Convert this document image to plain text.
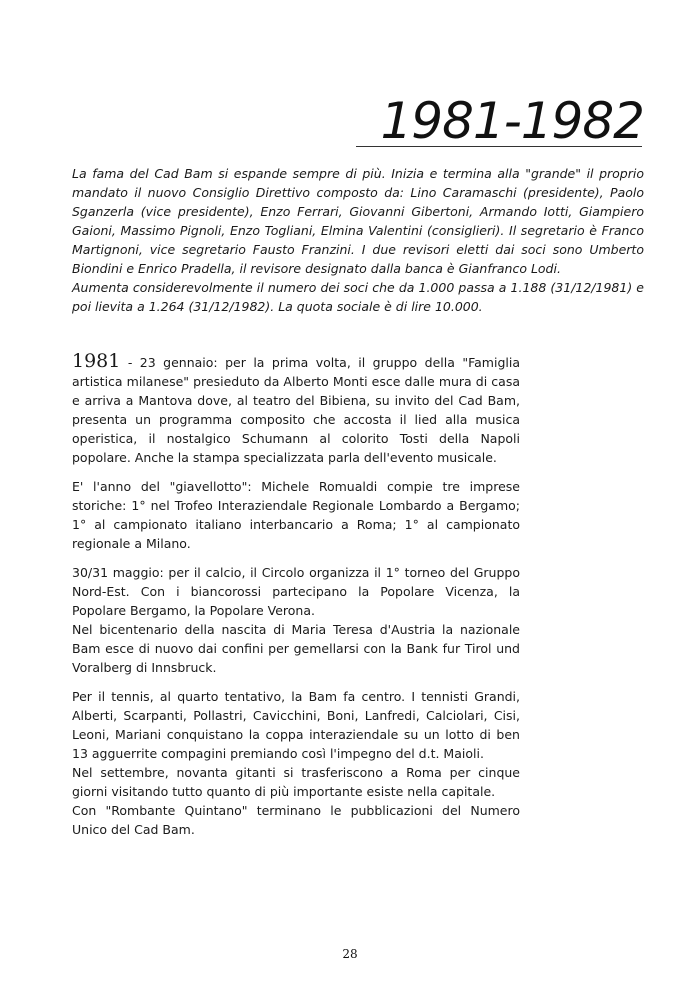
1981-1982

La fama del Cad Bam si espande sempre di più. Inizia e termina alla "grande" il proprio mandato il nuovo Consiglio Direttivo composto da: Lino Caramaschi (presidente), Paolo Sganzerla (vice presidente), Enzo Ferrari, Giovanni Gibertoni, Armando Iotti, Giampiero Gaioni, Massimo Pignoli, Enzo Togliani, Elmina Valentini (consiglieri). Il segretario è Franco Martignoni, vice segretario Fausto Franzini. I due revisori eletti dai soci sono Umberto Biondini e Enrico Pradella, il revisore designato dalla banca è Gianfranco Lodi.

Aumenta considerevolmente il numero dei soci che da 1.000 passa a 1.188 (31/12/1981) e poi lievita a 1.264 (31/12/1982). La quota sociale è di lire 10.000.

1981 - 23 gennaio: per la prima volta, il gruppo della "Famiglia artistica milanese" presieduto da Alberto Monti esce dalle mura di casa e arriva a Mantova dove, al teatro del Bibiena, su invito del Cad Bam, presenta un programma composito che accosta il lied alla musica operistica, il nostalgico Schumann al colorito Tosti della Napoli popolare. Anche la stampa specializzata parla dell'evento musicale.

E' l'anno del "giavellotto": Michele Romualdi compie tre imprese storiche: 1° nel Trofeo Interaziendale Regionale Lombardo a Bergamo; 1° al campionato italiano interbancario a Roma; 1° al campionato regionale a Milano.

30/31 maggio: per il calcio, il Circolo organizza il 1° torneo del Gruppo Nord-Est. Con i biancorossi partecipano la Popolare Vicenza, la Popolare Bergamo, la Popolare Verona.

Nel bicentenario della nascita di Maria Teresa d'Austria la nazionale Bam esce di nuovo dai confini per gemellarsi con la Bank fur Tirol und Voralberg di Innsbruck.

Per il tennis, al quarto tentativo, la Bam fa centro. I tennisti Grandi, Alberti, Scarpanti, Pollastri, Cavicchini, Boni, Lanfredi, Calciolari, Cisi, Leoni, Mariani conquistano la coppa interaziendale su un lotto di ben 13 agguerrite compagini premiando così l'impegno del d.t. Maioli.

Nel settembre, novanta gitanti si trasferiscono a Roma per cinque giorni visitando tutto quanto di più importante esiste nella capitale.

Con "Rombante Quintano" terminano le pubblicazioni del Numero Unico del Cad Bam.

28
